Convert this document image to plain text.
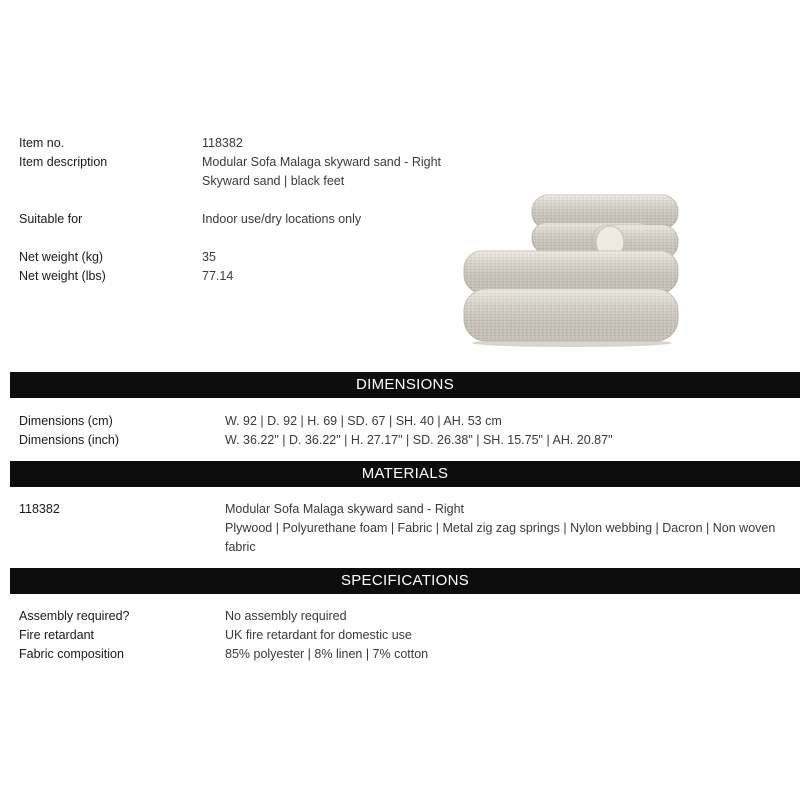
Item no.	118382
Item description	Modular Sofa Malaga skyward sand - Right
Skyward sand | black feet
Suitable for	Indoor use/dry locations only
Net weight (kg)	35
Net weight (lbs)	77.14
DIMENSIONS
Dimensions (cm)	W. 92 | D. 92 | H. 69 | SD. 67 | SH. 40 | AH. 53 cm
Dimensions (inch)	W. 36.22" | D. 36.22" | H. 27.17" | SD. 26.38" | SH. 15.75" | AH. 20.87"
MATERIALS
118382	Modular Sofa Malaga skyward sand - Right
Plywood | Polyurethane foam | Fabric | Metal zig zag springs | Nylon webbing | Dacron | Non woven
fabric
SPECIFICATIONS
Assembly required?	No assembly required
Fire retardant	UK fire retardant for domestic use
Fabric composition	85% polyester | 8% linen | 7% cotton
